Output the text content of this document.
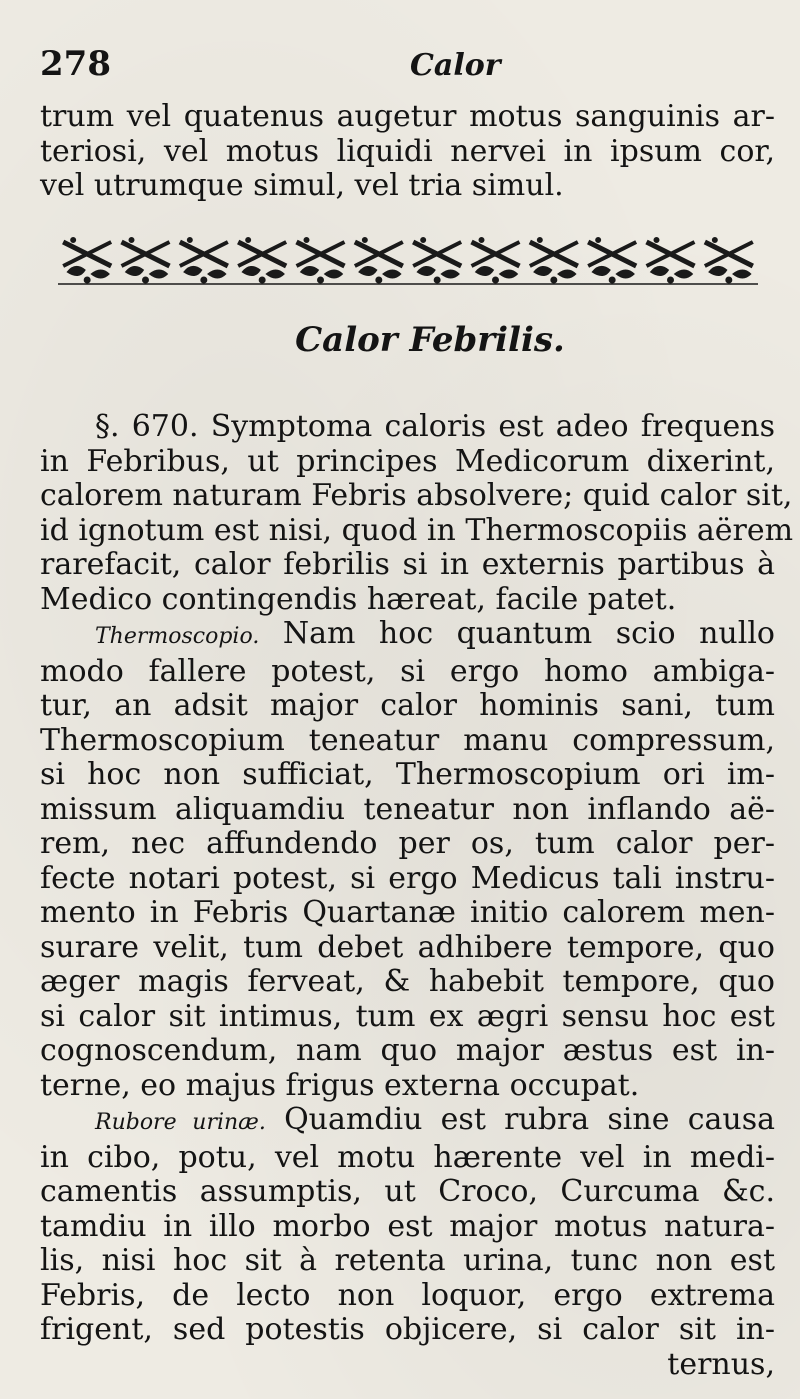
278	Calor
trum vel quatenus augetur motus sanguinis ar-
teriosi, vel motus liquidi nervei in ipsum cor,
vel utrumque simul, vel tria simul.
Calor Febrilis.
§. 670. Symptoma caloris est adeo frequens
in Febribus, ut principes Medicorum dixerint,
calorem naturam Febris absolvere; quid calor sit,
id ignotum est nisi, quod in Thermoscopiis aërem
rarefacit, calor febrilis si in externis partibus à
Medico contingendis hæreat, facile patet.
Thermoscopio. Nam hoc quantum scio nullo
modo fallere potest, si ergo homo ambiga-
tur, an adsit major calor hominis sani, tum
Thermoscopium teneatur manu compressum,
si hoc non sufficiat, Thermoscopium ori im-
missum aliquamdiu teneatur non inflando aë-
rem, nec affundendo per os, tum calor per-
fecte notari potest, si ergo Medicus tali instru-
mento in Febris Quartanæ initio calorem men-
surare velit, tum debet adhibere tempore, quo
æger magis ferveat, & habebit tempore, quo
si calor sit intimus, tum ex ægri sensu hoc est
cognoscendum, nam quo major æstus est in-
terne, eo majus frigus externa occupat.
Rubore urinæ. Quamdiu est rubra sine causa
in cibo, potu, vel motu hærente vel in medi-
camentis assumptis, ut Croco, Curcuma &c.
tamdiu in illo morbo est major motus natura-
lis, nisi hoc sit à retenta urina, tunc non est
Febris, de lecto non loquor, ergo extrema
frigent, sed potestis objicere, si calor sit in-
ternus,
